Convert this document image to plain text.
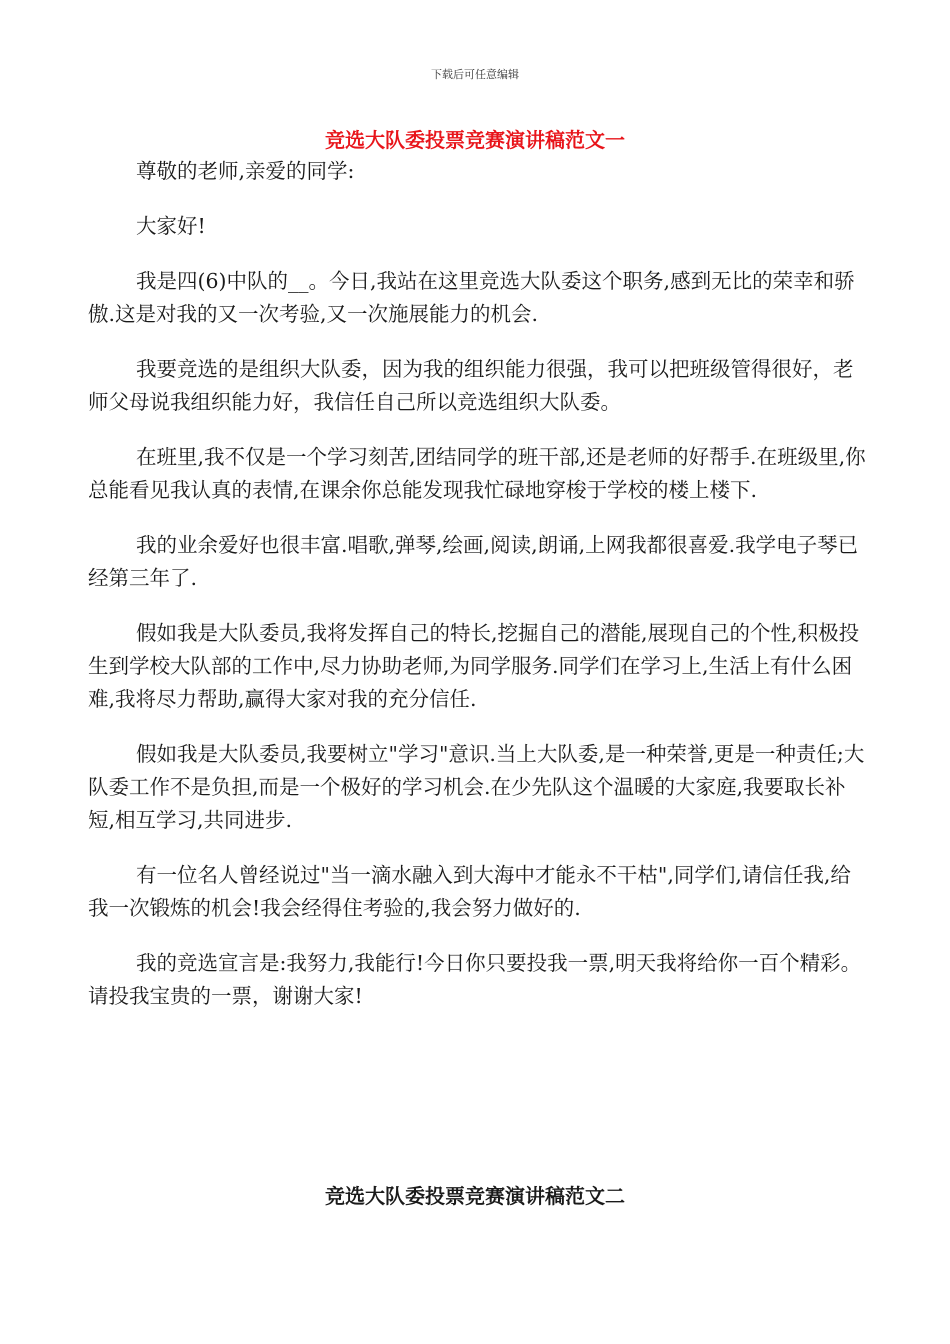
下载后可任意编辑
竞选大队委投票竞赛演讲稿范文一

尊敬的老师,亲爱的同学:

大家好!

我是四(6)中队的__。今日,我站在这里竞选大队委这个职务,感到无比的荣幸和骄傲.这是对我的又一次考验,又一次施展能力的机会.

我要竞选的是组织大队委，因为我的组织能力很强，我可以把班级管得很好，老师父母说我组织能力好，我信任自己所以竞选组织大队委。

在班里,我不仅是一个学习刻苦,团结同学的班干部,还是老师的好帮手.在班级里,你总能看见我认真的表情,在课余你总能发现我忙碌地穿梭于学校的楼上楼下.

我的业余爱好也很丰富.唱歌,弹琴,绘画,阅读,朗诵,上网我都很喜爱.我学电子琴已经第三年了.

假如我是大队委员,我将发挥自己的特长,挖掘自己的潜能,展现自己的个性,积极投生到学校大队部的工作中,尽力协助老师,为同学服务.同学们在学习上,生活上有什么困难,我将尽力帮助,赢得大家对我的充分信任.

假如我是大队委员,我要树立"学习"意识.当上大队委,是一种荣誉,更是一种责任;大队委工作不是负担,而是一个极好的学习机会.在少先队这个温暖的大家庭,我要取长补短,相互学习,共同进步.

有一位名人曾经说过"当一滴水融入到大海中才能永不干枯",同学们,请信任我,给我一次锻炼的机会!我会经得住考验的,我会努力做好的.

我的竞选宣言是:我努力,我能行!今日你只要投我一票,明天我将给你一百个精彩。请投我宝贵的一票，谢谢大家!

竞选大队委投票竞赛演讲稿范文二
